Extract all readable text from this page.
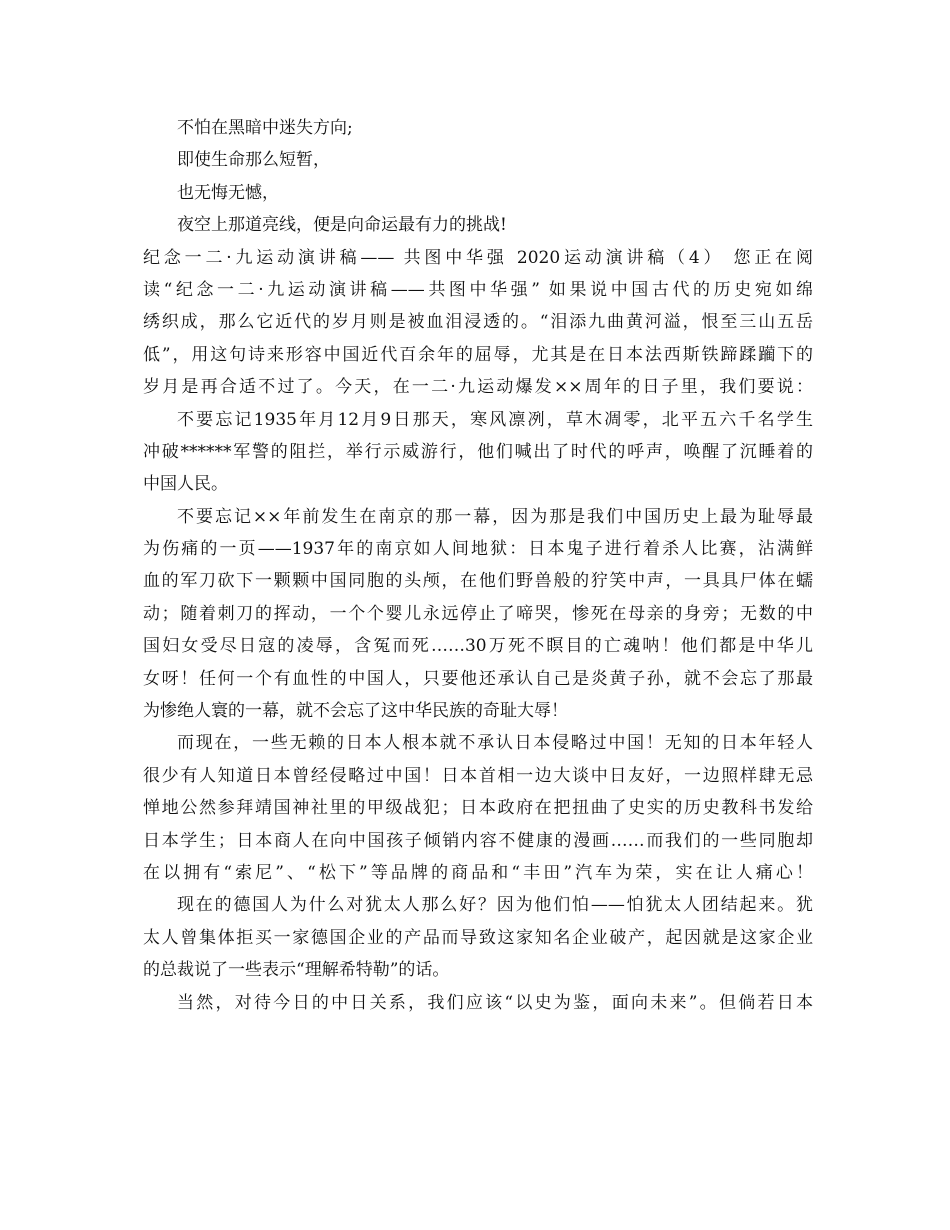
不怕在黑暗中迷失方向;
即使生命那么短暂，
也无悔无憾，
夜空上那道亮线，便是向命运最有力的挑战!
纪念一二·九运动演讲稿—— 共图中华强 2020运动演讲稿（4） 您正在阅
读“纪念一二·九运动演讲稿——共图中华强” 如果说中国古代的历史宛如绵
绣织成，那么它近代的岁月则是被血泪浸透的。“泪添九曲黄河溢，恨至三山五岳
低”，用这句诗来形容中国近代百余年的屈辱，尤其是在日本法西斯铁蹄蹂躏下的
岁月是再合适不过了。今天，在一二·九运动爆发××周年的日子里，我们要说：
不要忘记1935年月12月9日那天，寒风凛冽，草木凋零，北平五六千名学生
冲破******军警的阻拦，举行示威游行，他们喊出了时代的呼声，唤醒了沉睡着的
中国人民。
不要忘记××年前发生在南京的那一幕，因为那是我们中国历史上最为耻辱最
为伤痛的一页——1937年的南京如人间地狱：日本鬼子进行着杀人比赛，沾满鲜
血的军刀砍下一颗颗中国同胞的头颅，在他们野兽般的狞笑中声，一具具尸体在蠕
动；随着刺刀的挥动，一个个婴儿永远停止了啼哭，惨死在母亲的身旁；无数的中
国妇女受尽日寇的凌辱，含冤而死……30万死不瞑目的亡魂呐！他们都是中华儿
女呀！任何一个有血性的中国人，只要他还承认自己是炎黄子孙，就不会忘了那最
为惨绝人寰的一幕，就不会忘了这中华民族的奇耻大辱！
而现在，一些无赖的日本人根本就不承认日本侵略过中国！无知的日本年轻人
很少有人知道日本曾经侵略过中国！日本首相一边大谈中日友好，一边照样肆无忌
惮地公然参拜靖国神社里的甲级战犯；日本政府在把扭曲了史实的历史教科书发给
日本学生；日本商人在向中国孩子倾销内容不健康的漫画……而我们的一些同胞却
在以拥有“索尼”、“松下”等品牌的商品和“丰田”汽车为荣，实在让人痛心！
现在的德国人为什么对犹太人那么好？因为他们怕——怕犹太人团结起来。犹
太人曾集体拒买一家德国企业的产品而导致这家知名企业破产，起因就是这家企业
的总裁说了一些表示“理解希特勒”的话。
当然，对待今日的中日关系，我们应该“以史为鉴，面向未来”。但倘若日本
